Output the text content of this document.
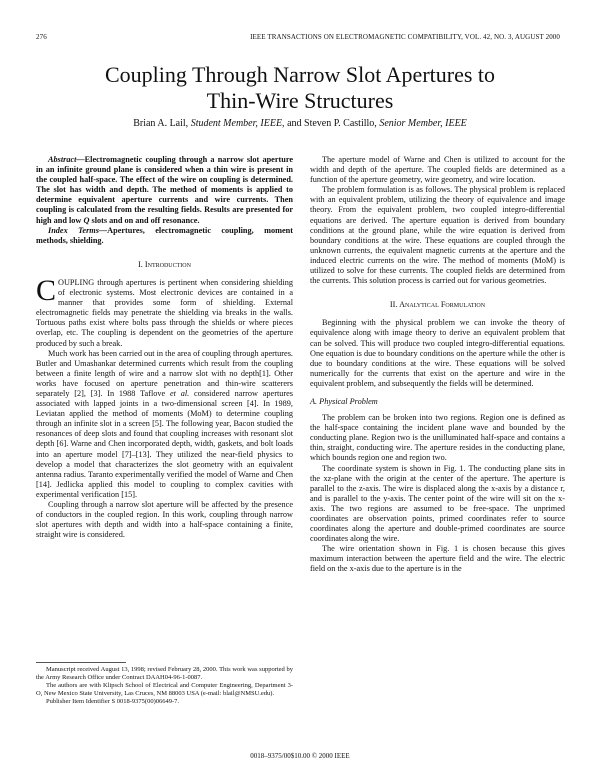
276	IEEE TRANSACTIONS ON ELECTROMAGNETIC COMPATIBILITY, VOL. 42, NO. 3, AUGUST 2000
Coupling Through Narrow Slot Apertures to
Thin-Wire Structures
Brian A. Lail, Student Member, IEEE, and Steven P. Castillo, Senior Member, IEEE

Abstract—Electromagnetic coupling through a narrow slot aperture in an infinite ground plane is considered when a thin wire is present in the coupled half-space. The effect of the wire on coupling is determined. The slot has width and depth. The method of moments is applied to determine equivalent aperture currents and wire currents. Then coupling is calculated from the resulting fields. Results are presented for high and low Q slots and on and off resonance.

Index Terms—Apertures, electromagnetic coupling, moment methods, shielding.

I. Introduction

COUPLING through apertures is pertinent when considering shielding of electronic systems. Most electronic devices are contained in a manner that provides some form of shielding. External electromagnetic fields may penetrate the shielding via breaks in the walls. Tortuous paths exist where bolts pass through the shields or where pieces overlap, etc. The coupling is dependent on the geometries of the aperture produced by such a break.

Much work has been carried out in the area of coupling through apertures. Butler and Umashankar determined currents which result from the coupling between a finite length of wire and a narrow slot with no depth[1]. Other works have focused on aperture penetration and thin-wire scatterers separately [2], [3]. In 1988 Taflove et al. considered narrow apertures associated with lapped joints in a two-dimensional screen [4]. In 1989, Leviatan applied the method of moments (MoM) to determine coupling through an infinite slot in a screen [5]. The following year, Bacon studied the resonances of deep slots and found that coupling increases with resonant slot depth [6]. Warne and Chen incorporated depth, width, gaskets, and bolt loads into an aperture model [7]–[13]. They utilized the near-field physics to develop a model that characterizes the slot geometry with an equivalent antenna radius. Taranto experimentally verified the model of Warne and Chen [14]. Jedlicka applied this model to coupling to complex cavities with experimental verification [15].

Coupling through a narrow slot aperture will be affected by the presence of conductors in the coupled region. In this work, coupling through narrow slot apertures with depth and width into a half-space containing a finite, straight wire is considered.

The aperture model of Warne and Chen is utilized to account for the width and depth of the aperture. The coupled fields are determined as a function of the aperture geometry, wire geometry, and wire location.

The problem formulation is as follows. The physical problem is replaced with an equivalent problem, utilizing the theory of equivalence and image theory. From the equivalent problem, two coupled integro-differential equations are derived. The aperture equation is derived from boundary conditions at the ground plane, while the wire equation is derived from boundary conditions at the wire. These equations are coupled through the unknown currents, the equivalent magnetic currents at the aperture and the induced electric currents on the wire. The method of moments (MoM) is utilized to solve for these currents. The coupled fields are determined from the currents. This solution process is carried out for various geometries.

II. Analytical Formulation

Beginning with the physical problem we can invoke the theory of equivalence along with image theory to derive an equivalent problem that can be solved. This will produce two coupled integro-differential equations. One equation is due to boundary conditions on the aperture while the other is due to boundary conditions at the wire. These equations will be solved numerically for the currents that exist on the aperture and wire in the equivalent problem, and subsequently the fields will be determined.

A. Physical Problem

The problem can be broken into two regions. Region one is defined as the half-space containing the incident plane wave and bounded by the conducting plane. Region two is the unilluminated half-space and contains a thin, straight, conducting wire. The aperture resides in the conducting plane, which bounds region one and region two.

The coordinate system is shown in Fig. 1. The conducting plane sits in the xz-plane with the origin at the center of the aperture. The aperture is parallel to the z-axis. The wire is displaced along the x-axis by a distance r, and is parallel to the y-axis. The center point of the wire will sit on the x-axis. The two regions are assumed to be free-space. The unprimed coordinates are observation points, primed coordinates refer to source coordinates along the aperture and double-primed coordinates are source coordinates along the wire.

The wire orientation shown in Fig. 1 is chosen because this gives maximum interaction between the aperture field and the wire. The electric field on the x-axis due to the aperture is in the

Manuscript received August 13, 1998; revised February 28, 2000. This work was supported by the Army Research Office under Contract DAAH04-96-1-0087.

The authors are with Klipsch School of Electrical and Computer Engineering, Department 3-O, New Mexico State University, Las Cruces, NM 88003 USA (e-mail: blail@NMSU.edu).

Publisher Item Identifier S 0018-9375(00)06649-7.

0018–9375/00$10.00 © 2000 IEEE
